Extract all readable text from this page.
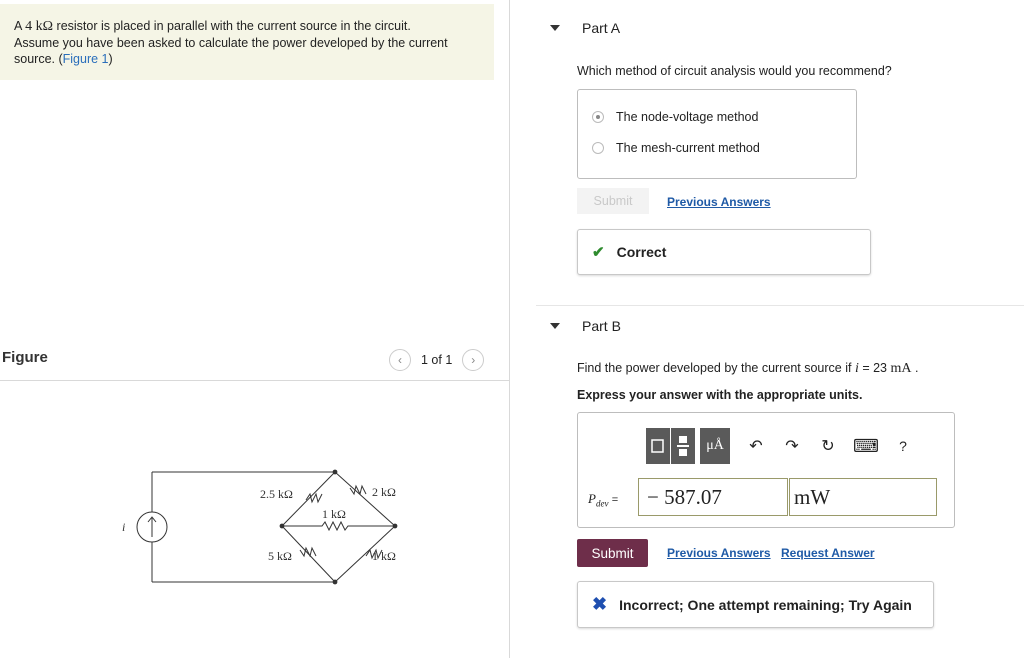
A 4 kΩ resistor is placed in parallel with the current source in the circuit.
Assume you have been asked to calculate the power developed by the current
source. (Figure 1)
Figure	‹	1 of 1	›
i
2.5 kΩ	2 kΩ
1 kΩ
5 kΩ	1 kΩ
Part A
Which method of circuit analysis would you recommend?
The node-voltage method
The mesh-current method
Submit	Previous Answers
✔ Correct
Part B
Find the power developed by the current source if i = 23 mA .
Express your answer with the appropriate units.
μÅ	↶	↷	↻	⌨	?
$P_{dev}$ =	− 587.07	mW
Submit	Previous Answers Request Answer
✖ Incorrect; One attempt remaining; Try Again
